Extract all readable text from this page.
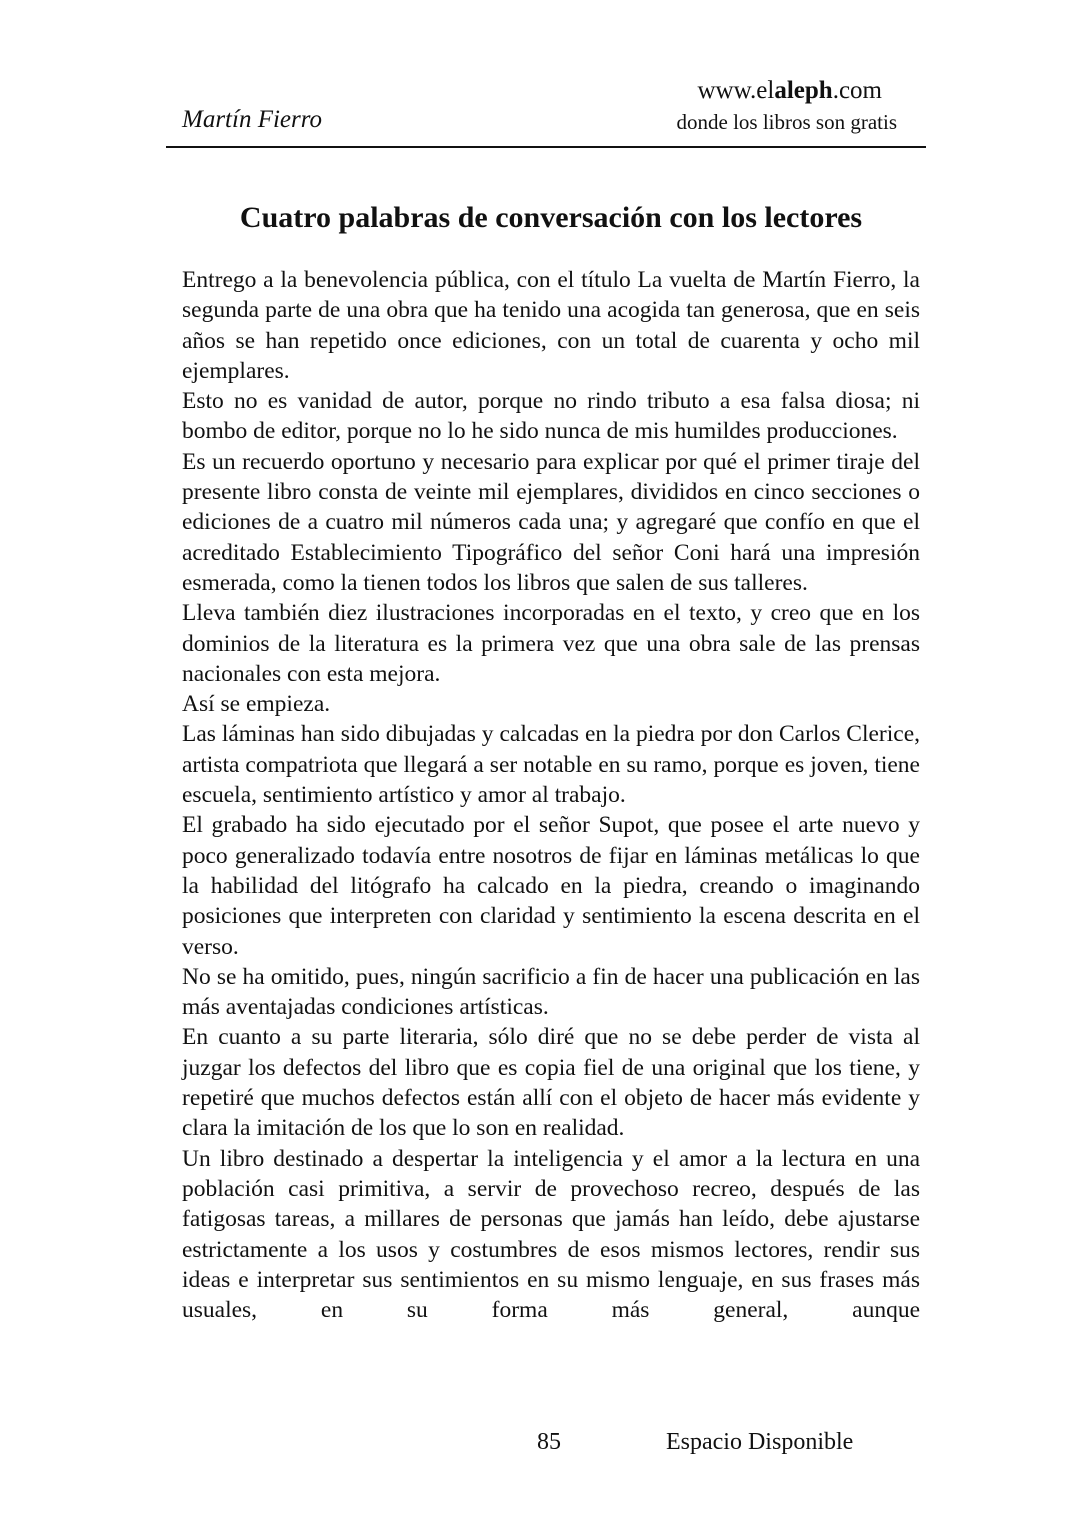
Martín Fierro
www.elaleph.com
donde los libros son gratis
Cuatro palabras de conversación con los lectores

Entrego a la benevolencia pública, con el título La vuelta de Martín Fierro, la segunda parte de una obra que ha tenido una acogida tan generosa, que en seis años se han repetido once ediciones, con un total de cuarenta y ocho mil ejemplares.

Esto no es vanidad de autor, porque no rindo tributo a esa falsa diosa; ni bombo de editor, porque no lo he sido nunca de mis humildes producciones.

Es un recuerdo oportuno y necesario para explicar por qué el primer tiraje del presente libro consta de veinte mil ejemplares, divididos en cinco secciones o ediciones de a cuatro mil números cada una; y agregaré que confío en que el acreditado Establecimiento Tipográfico del señor Coni hará una impresión esmerada, como la tienen todos los libros que salen de sus talleres.

Lleva también diez ilustraciones incorporadas en el texto, y creo que en los dominios de la literatura es la primera vez que una obra sale de las prensas nacionales con esta mejora.

Así se empieza.

Las láminas han sido dibujadas y calcadas en la piedra por don Carlos Clerice, artista compatriota que llegará a ser notable en su ramo, porque es joven, tiene escuela, sentimiento artístico y amor al trabajo.

El grabado ha sido ejecutado por el señor Supot, que posee el arte nuevo y poco generalizado todavía entre nosotros de fijar en láminas metálicas lo que la habilidad del litógrafo ha calcado en la piedra, creando o imaginando posiciones que interpreten con claridad y sentimiento la escena descrita en el verso.

No se ha omitido, pues, ningún sacrificio a fin de hacer una publicación en las más aventajadas condiciones artísticas.

En cuanto a su parte literaria, sólo diré que no se debe perder de vista al juzgar los defectos del libro que es copia fiel de una original que los tiene, y repetiré que muchos defectos están allí con el objeto de hacer más evidente y clara la imitación de los que lo son en realidad.

Un libro destinado a despertar la inteligencia y el amor a la lectura en una población casi primitiva, a servir de provechoso recreo, después de las fatigosas tareas, a millares de personas que jamás han leído, debe ajustarse estrictamente a los usos y costumbres de esos mismos lectores, rendir sus ideas e interpretar sus sentimientos en su mismo lenguaje, en sus frases más usuales, en su forma más general, aunque

85	Espacio Disponible
